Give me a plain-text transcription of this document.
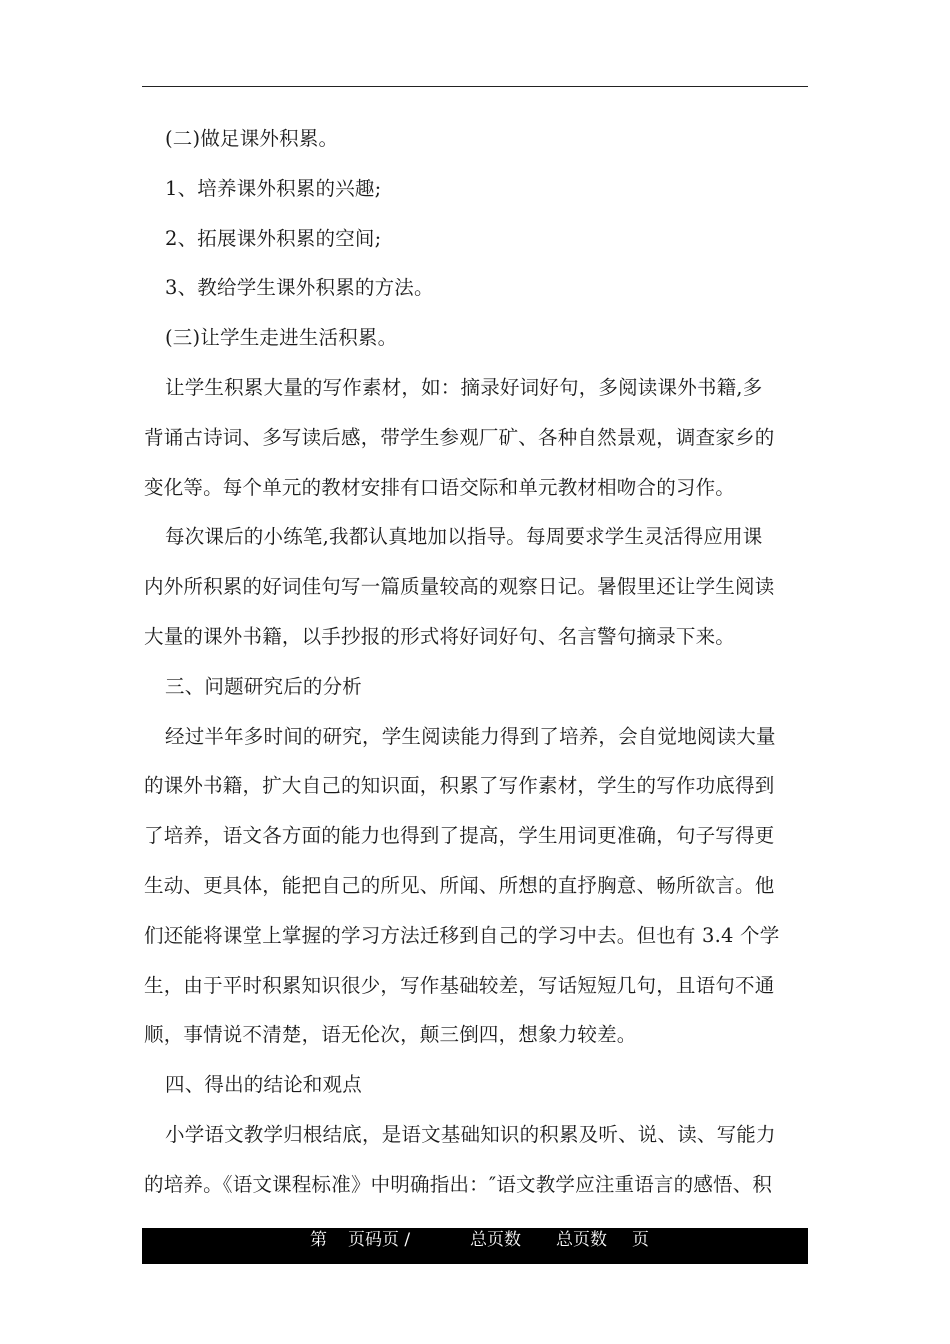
(二)做足课外积累。
1、培养课外积累的兴趣;
2、拓展课外积累的空间;
3、教给学生课外积累的方法。
(三)让学生走进生活积累。
让学生积累大量的写作素材，如：摘录好词好句，多阅读课外书籍,多
背诵古诗词、多写读后感，带学生参观厂矿、各种自然景观，调查家乡的
变化等。每个单元的教材安排有口语交际和单元教材相吻合的习作。
每次课后的小练笔,我都认真地加以指导。每周要求学生灵活得应用课
内外所积累的好词佳句写一篇质量较高的观察日记。暑假里还让学生阅读
大量的课外书籍，以手抄报的形式将好词好句、名言警句摘录下来。
三、问题研究后的分析
经过半年多时间的研究，学生阅读能力得到了培养，会自觉地阅读大量
的课外书籍，扩大自己的知识面，积累了写作素材，学生的写作功底得到
了培养，语文各方面的能力也得到了提高，学生用词更准确，句子写得更
生动、更具体，能把自己的所见、所闻、所想的直抒胸意、畅所欲言。他
们还能将课堂上掌握的学习方法迁移到自己的学习中去。但也有 3.4 个学
生，由于平时积累知识很少，写作基础较差，写话短短几句，且语句不通
顺，事情说不清楚，语无伦次，颠三倒四，想象力较差。
四、得出的结论和观点
小学语文教学归根结底，是语文基础知识的积累及听、说、读、写能力
的培养。《语文课程标准》中明确指出：″语文教学应注重语言的感悟、积
第 页码页 /	总页数 总页数 页
